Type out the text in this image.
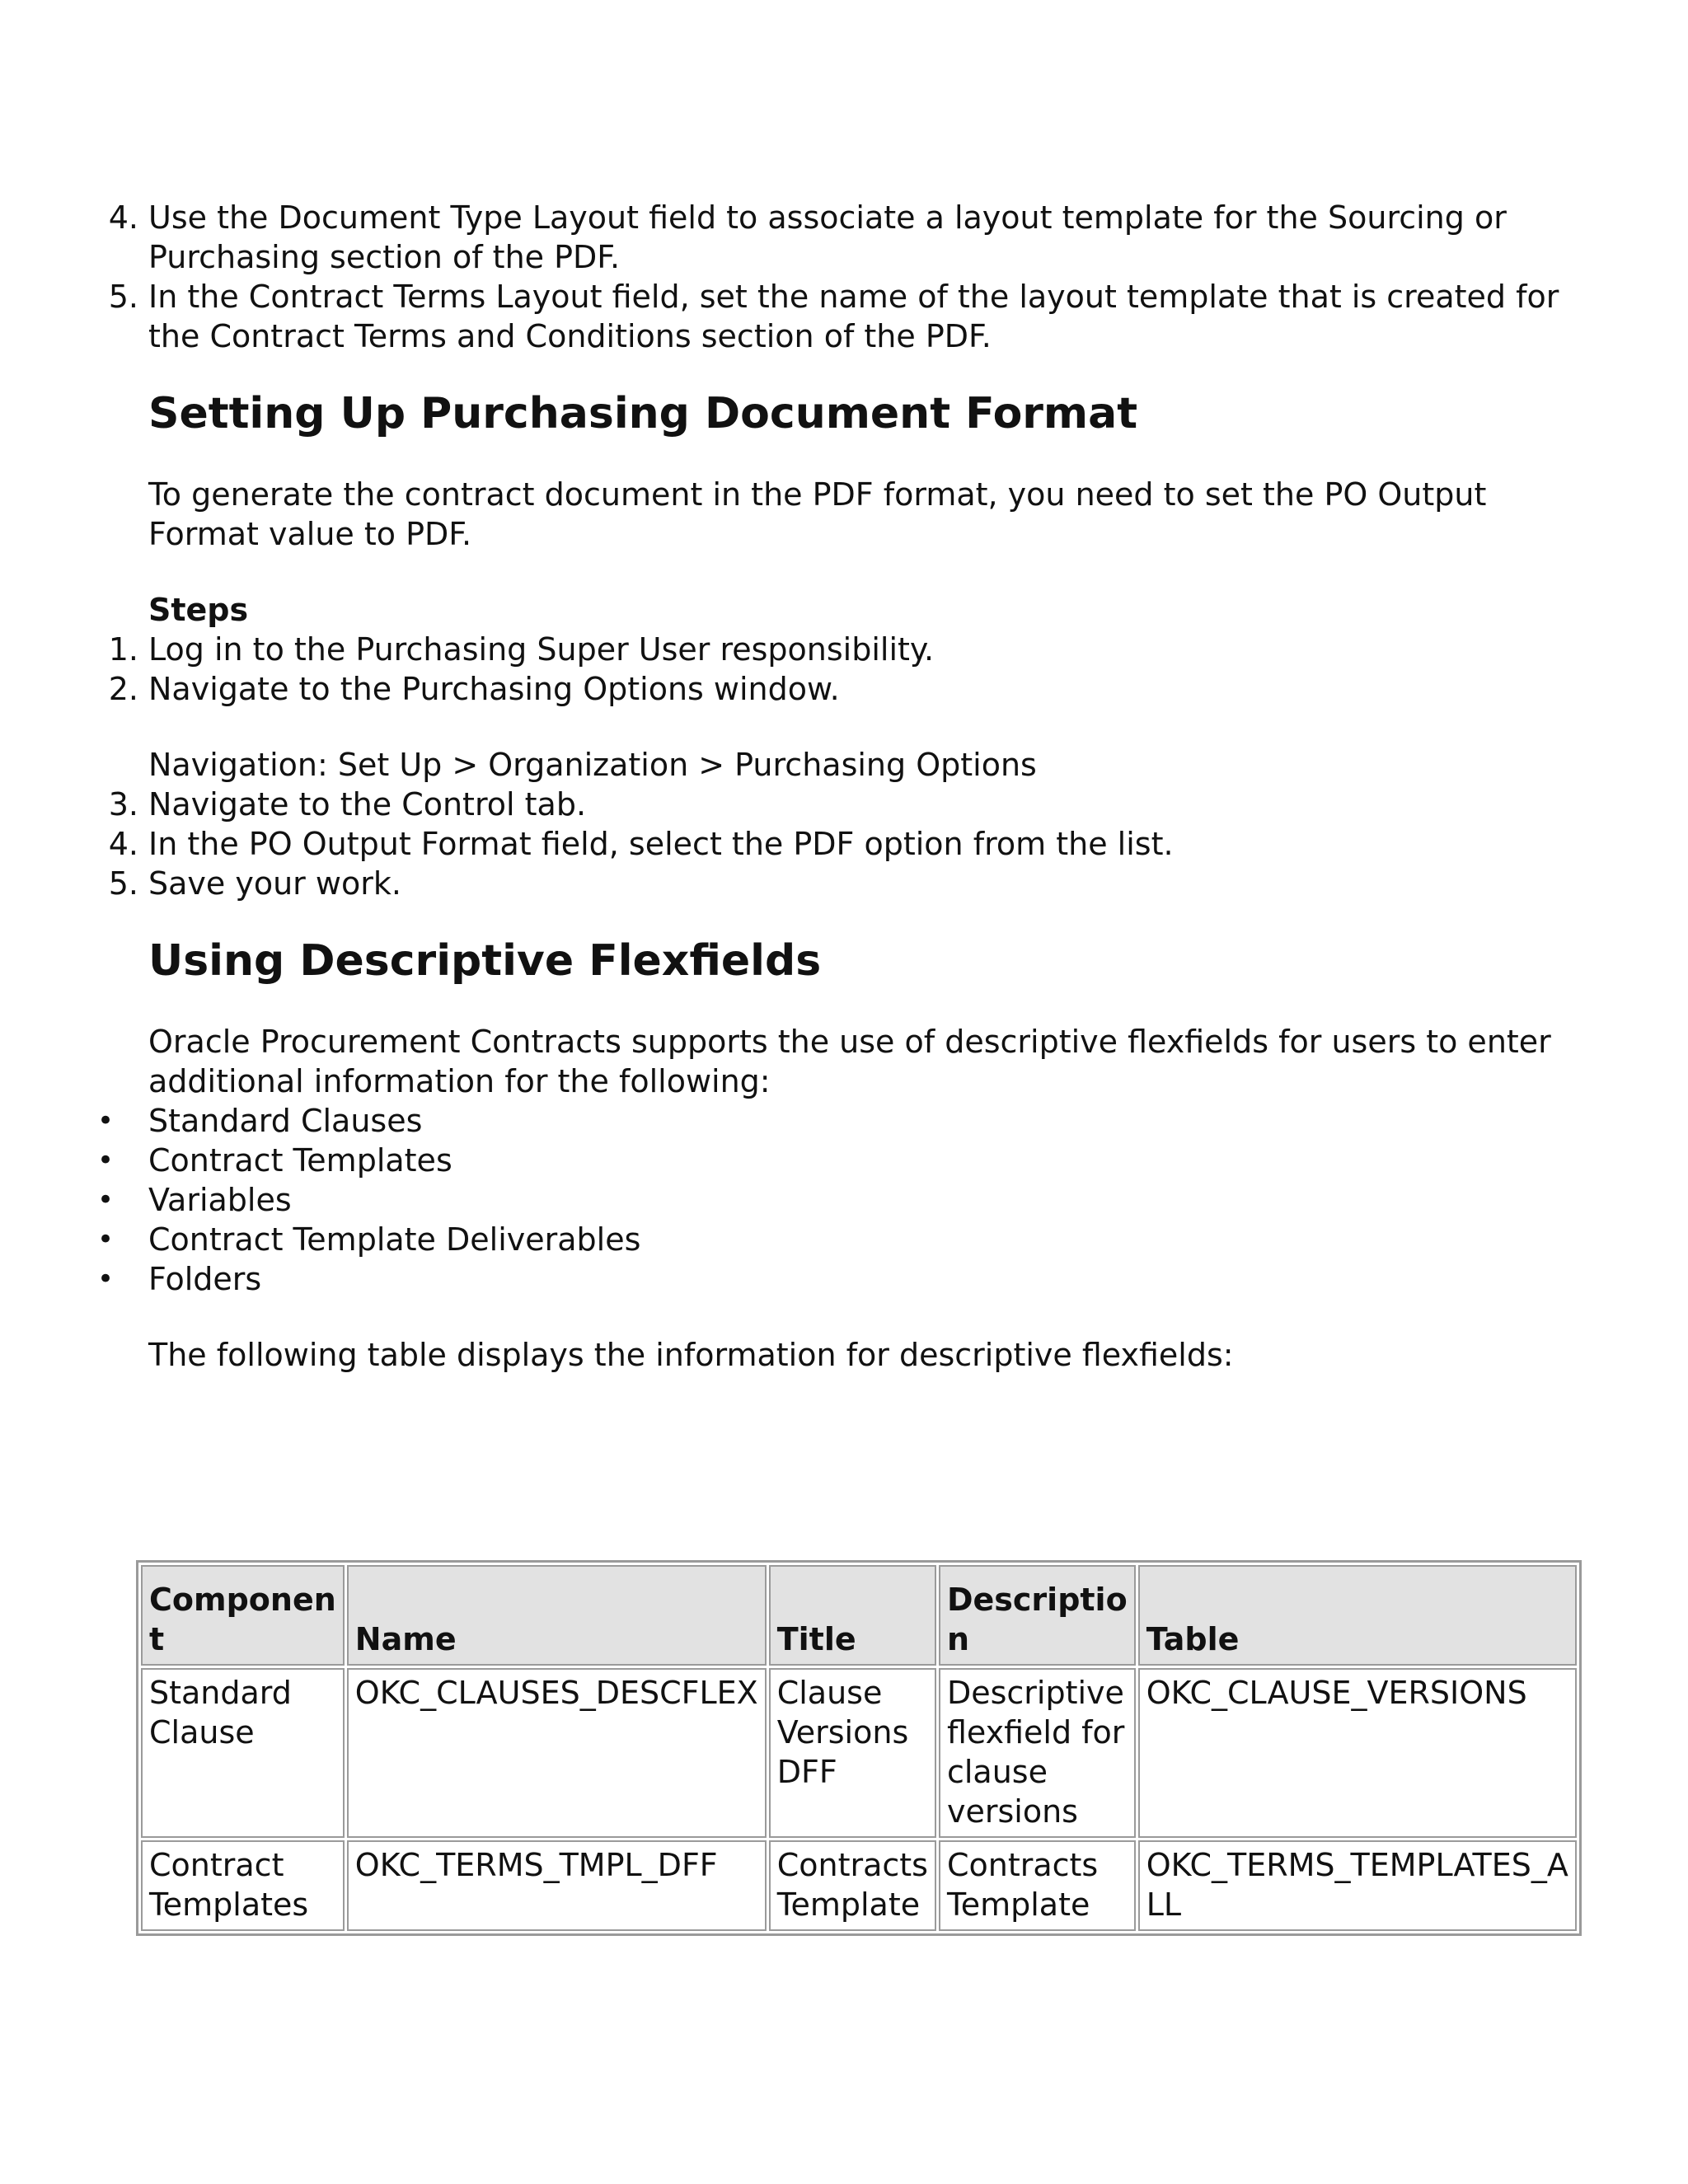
4. Use the Document Type Layout field to associate a layout template for the Sourcing or Purchasing section of the PDF.
5. In the Contract Terms Layout field, set the name of the layout template that is created for the Contract Terms and Conditions section of the PDF.
Setting Up Purchasing Document Format

To generate the contract document in the PDF format, you need to set the PO Output Format value to PDF.

Steps
1. Log in to the Purchasing Super User responsibility.
2. Navigate to the Purchasing Options window.

Navigation: Set Up > Organization > Purchasing Options

3. Navigate to the Control tab.
4. In the PO Output Format field, select the PDF option from the list.
5. Save your work.
Using Descriptive Flexfields

Oracle Procurement Contracts supports the use of descriptive flexfields for users to enter additional information for the following:

• Standard Clauses
• Contract Templates
• Variables
• Contract Template Deliverables
• Folders

The following table displays the information for descriptive flexfields:

Componen t	Name	Title	Descriptio n	Table
Standard Clause	OKC_CLAUSES_DESCFLEX	Clause Versions DFF	Descriptive flexfield for clause versions	OKC_CLAUSE_VERSIONS
Contract Templates	OKC_TERMS_TMPL_DFF	Contracts Template	Contracts Template	OKC_TERMS_TEMPLATES_A LL
